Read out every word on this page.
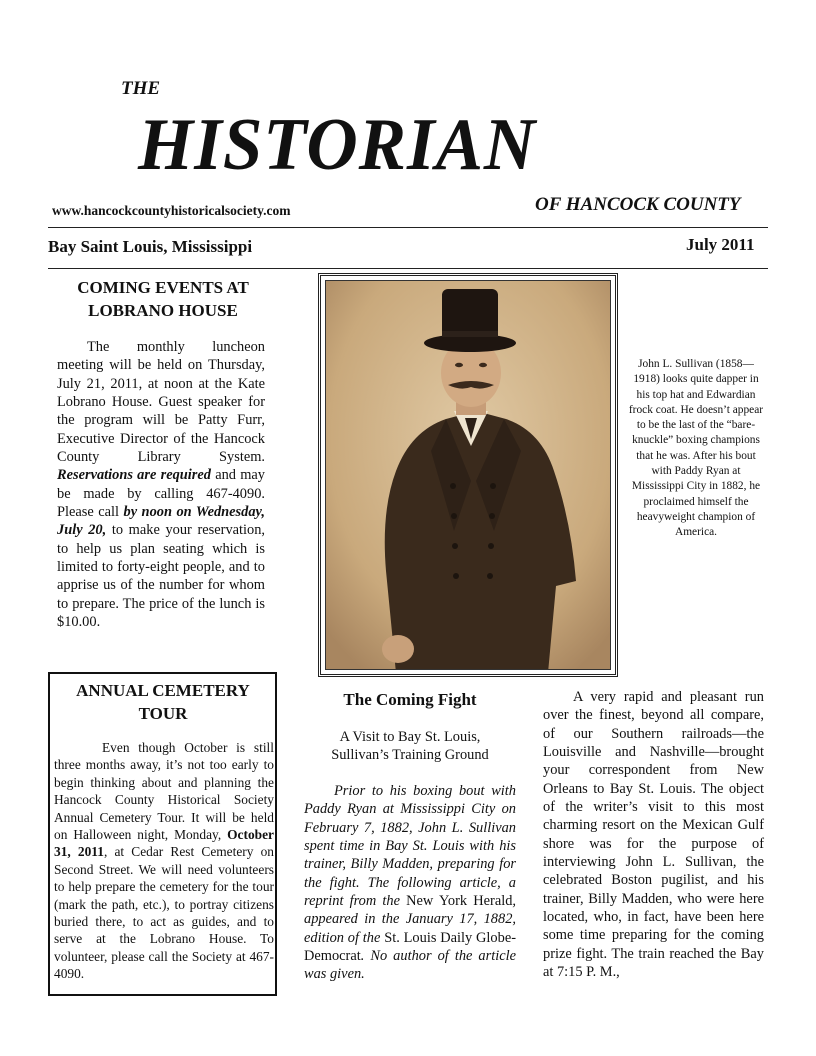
THE
HISTORIAN
www.hancockcountyhistoricalsociety.com	OF HANCOCK COUNTY
Bay Saint Louis, Mississippi	July 2011
COMING EVENTS AT
LOBRANO HOUSE
The monthly luncheon meeting will be held on Thursday, July 21, 2011, at noon at the Kate Lobrano House. Guest speaker for the program will be Patty Furr, Executive Director of the Hancock County Library System. Reservations are required and may be made by calling 467-4090. Please call by noon on Wednesday, July 20, to make your reservation, to help us plan seating which is limited to forty-eight people, and to apprise us of the number for whom to prepare. The price of the lunch is $10.00.
ANNUAL CEMETERY
TOUR
Even though October is still three months away, it’s not too early to begin thinking about and planning the Hancock County Historical Society Annual Cemetery Tour. It will be held on Halloween night, Monday, October 31, 2011, at Cedar Rest Cemetery on Second Street. We will need volunteers to help prepare the cemetery for the tour (mark the path, etc.), to portray citizens buried there, to act as guides, and to serve at the Lobrano House. To volunteer, please call the Society at 467-4090.
John L. Sullivan (1858—1918) looks quite dapper in his top hat and Edwardian frock coat. He doesn’t appear to be the last of the “bare-knuckle” boxing champions that he was. After his bout with Paddy Ryan at Mississippi City in 1882, he proclaimed himself the heavyweight champion of America.
The Coming Fight
A Visit to Bay St. Louis,
Sullivan’s Training Ground
Prior to his boxing bout with Paddy Ryan at Mississippi City on February 7, 1882, John L. Sullivan spent time in Bay St. Louis with his trainer, Billy Madden, preparing for the fight. The following article, a reprint from the New York Herald, appeared in the January 17, 1882, edition of the St. Louis Daily Globe-Democrat. No author of the article was given.
A very rapid and pleasant run over the finest, beyond all compare, of our Southern railroads—the Louisville and Nashville—brought your correspondent from New Orleans to Bay St. Louis. The object of the writer’s visit to this most charming resort on the Mexican Gulf shore was for the purpose of interviewing John L. Sullivan, the celebrated Boston pugilist, and his trainer, Billy Madden, who were here located, who, in fact, have been here some time preparing for the coming prize fight. The train reached the Bay at 7:15 P. M.,
